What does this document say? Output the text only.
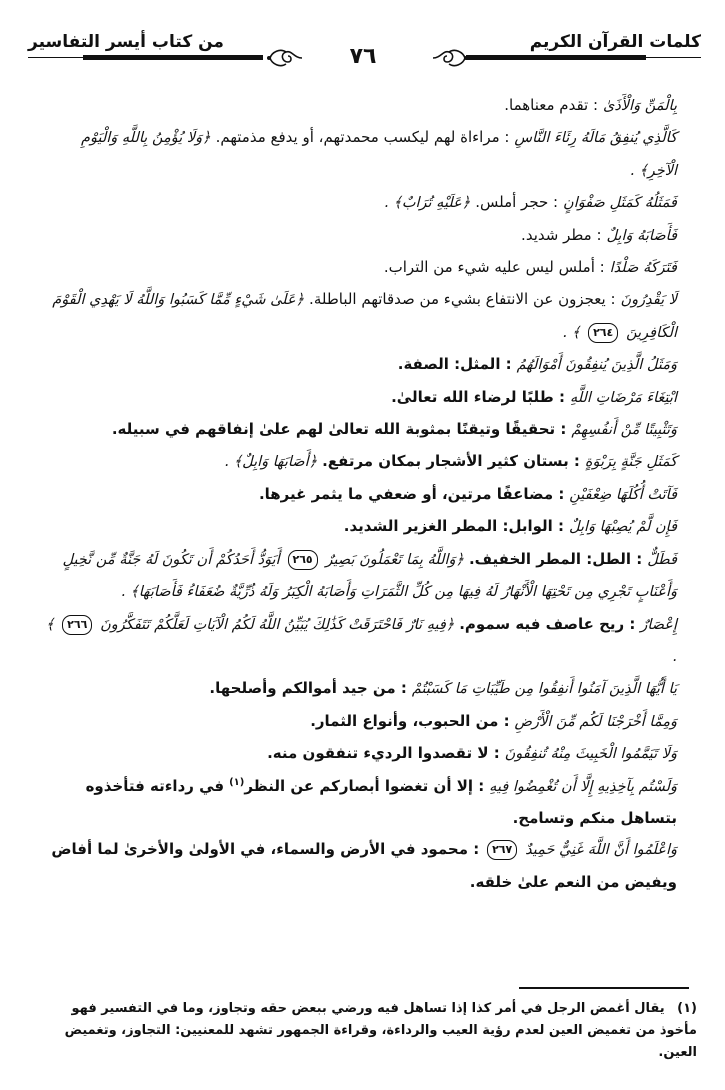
كلمات القرآن الكريم
من كتاب أيسر التفاسير
٧٦

بِالْمَنِّ وَالْأَذَىٰ : تقدم معناهما.

كَالَّذِي يُنفِقُ مَالَهُ رِئَاءَ النَّاسِ : مراءاة لهم ليكسب محمدتهم، أو يدفع مذمتهم. ﴿وَلَا يُؤْمِنُ بِاللَّهِ وَالْيَوْمِ الْآخِرِ﴾ .

فَمَثَلُهُ كَمَثَلِ صَفْوَانٍ : حجر أملس. ﴿عَلَيْهِ تُرَابٌ﴾ .

فَأَصَابَهُ وَابِلٌ : مطر شديد.

فَتَرَكَهُ صَلْدًا : أملس ليس عليه شيء من التراب.

لَا يَقْدِرُونَ : يعجزون عن الانتفاع بشيء من صدقاتهم الباطلة. ﴿عَلَىٰ شَيْءٍ مِّمَّا كَسَبُوا وَاللَّهُ لَا يَهْدِي الْقَوْمَ الْكَافِرِينَ ٢٦٤ ﴾ .

وَمَثَلُ الَّذِينَ يُنفِقُونَ أَمْوَالَهُمُ : المثل: الصفة.

ابْتِغَاءَ مَرْضَاتِ اللَّهِ : طلبًا لرضاء الله تعالىٰ.

وَتَثْبِيتًا مِّنْ أَنفُسِهِمْ : تحقيقًا وتيقنًا بمثوبة الله تعالىٰ لهم علىٰ إنفاقهم في سبيله.

كَمَثَلِ جَنَّةٍ بِرَبْوَةٍ : بستان كثير الأشجار بمكان مرتفع. ﴿أَصَابَهَا وَابِلٌ﴾ .

فَآتَتْ أُكُلَهَا ضِعْفَيْنِ : مضاعفًا مرتين، أو ضعفي ما يثمر غيرها.

فَإِن لَّمْ يُصِبْهَا وَابِلٌ : الوابل: المطر الغزير الشديد.

فَطَلٌّ : الطل: المطر الخفيف. ﴿وَاللَّهُ بِمَا تَعْمَلُونَ بَصِيرٌ ٢٦٥ أَيَوَدُّ أَحَدُكُمْ أَن تَكُونَ لَهُ جَنَّةٌ مِّن نَّخِيلٍ وَأَعْنَابٍ تَجْرِي مِن تَحْتِهَا الْأَنْهَارُ لَهُ فِيهَا مِن كُلِّ الثَّمَرَاتِ وَأَصَابَهُ الْكِبَرُ وَلَهُ ذُرِّيَّةٌ ضُعَفَاءُ فَأَصَابَهَا﴾ .

إِعْصَارٌ : ريح عاصف فيه سموم. ﴿فِيهِ نَارٌ فَاحْتَرَقَتْ كَذَٰلِكَ يُبَيِّنُ اللَّهُ لَكُمُ الْآيَاتِ لَعَلَّكُمْ تَتَفَكَّرُونَ ٢٦٦ ﴾ .

يَا أَيُّهَا الَّذِينَ آمَنُوا أَنفِقُوا مِن طَيِّبَاتِ مَا كَسَبْتُمْ : من جيد أموالكم وأصلحها.

وَمِمَّا أَخْرَجْنَا لَكُم مِّنَ الْأَرْضِ : من الحبوب، وأنواع الثمار.

وَلَا تَيَمَّمُوا الْخَبِيثَ مِنْهُ تُنفِقُونَ : لا تقصدوا الرديء تنفقون منه.

وَلَسْتُم بِآخِذِيهِ إِلَّا أَن تُغْمِضُوا فِيهِ : إلا أن تغضوا أبصاركم عن النظر$^{(١)}$ في رداءته فتأخذوه بتساهل منكم وتسامح.

وَاعْلَمُوا أَنَّ اللَّهَ غَنِيٌّ حَمِيدٌ ٢٦٧ : محمود في الأرض والسماء، في الأولىٰ والأخرىٰ لما أفاض ويفيض من النعم علىٰ خلقه.

(١) يقال أغمض الرجل في أمر كذا إذا تساهل فيه ورضي ببعض حقه وتجاوز، وما في التفسير فهو مأخوذ من تغميض العين لعدم رؤية العيب والرداءة، وقراءة الجمهور تشهد للمعنيين: التجاوز، وتغميض العين.
